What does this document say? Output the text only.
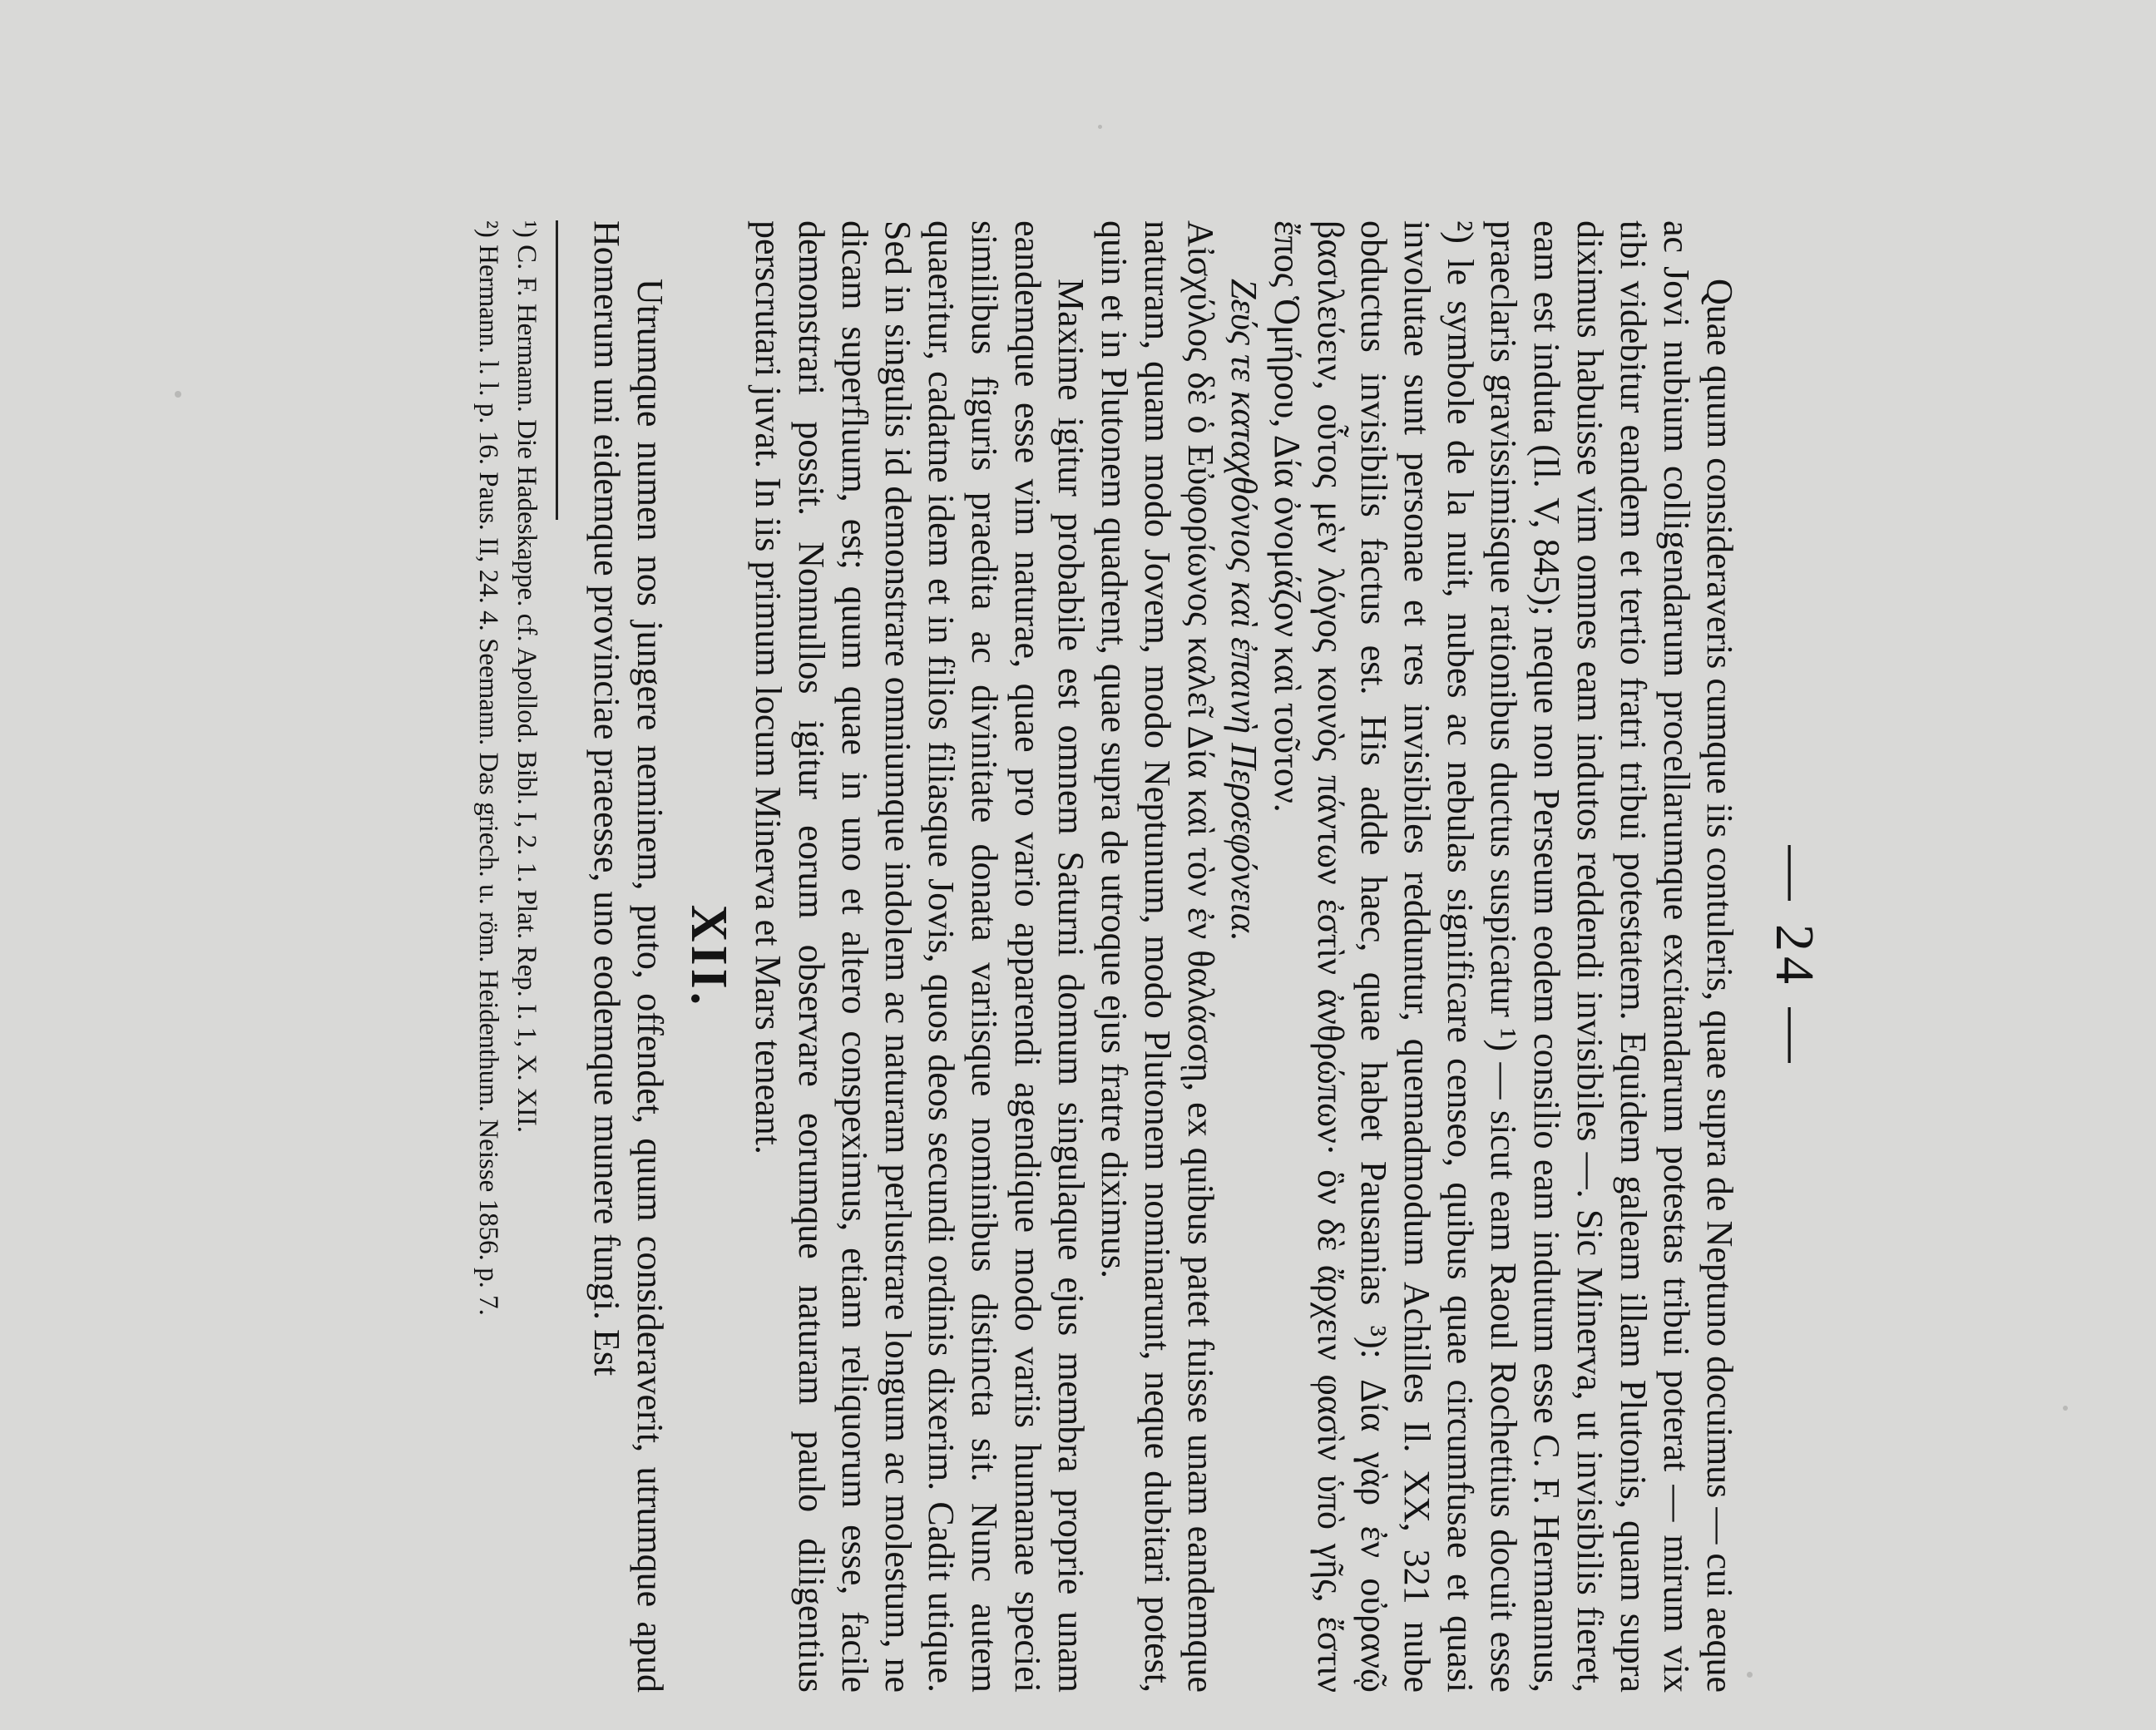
— 24 —

Quae quum consideraveris cumque iis contuleris, quae supra de Neptuno docuimus — cui aeque ac Jovi nubium colligendarum procellarumque excitandarum potestas tribui poterat — mirum vix tibi videbitur eandem et tertio fratri tribui potestatem. Equidem galeam illam Plutonis, quam supra diximus habuisse vim omnes eam indutos reddendi invisibiles —. Sic Minerva, ut invisibilis fieret, eam est induta (Il. V, 845); neque non Perseum eodem consilio eam indutum esse C. F. Hermannus, praeclaris gravissimisque rationibus ductus suspicatur ¹) — sicut eam Raoul Rochettius docuit esse ²) le symbole de la nuit, nubes ac nebulas significare censeo, quibus quae circumfusae et quasi involutae sunt personae et res invisibiles redduntur, quemadmodum Achilles Il. XX, 321 nube obductus invisibilis factus est. His adde haec, quae habet Pausanias ³): Δία γὰρ ἐν οὐρανῷ βασιλεύειν, οὗτος μὲν λόγος κοινὸς πάντων ἐστὶν ἀνθρώπων· ὃν δὲ ἄρχειν φασὶν ὑπὸ γῆς, ἔστιν ἔπος Ὁμήρου, Δία ὀνομάζον καὶ τοῦτον.

Ζεύς τε καταχθόνιος καὶ ἐπαινὴ Περσεφόνεια.

Αἰσχύλος δὲ ὁ Εὐφορίωνος καλεῖ Δία καὶ τὸν ἐν θαλάσσῃ, ex quibus patet fuisse unam eandemque naturam, quam modo Jovem, modo Neptunum, modo Plutonem nominarunt, neque dubitari potest, quin et in Plutonem quadrent, quae supra de utroque ejus fratre diximus.

Maxime igitur probabile est omnem Saturni domum singulaque ejus membra proprie unam eandemque esse vim naturae, quae pro vario apparendi agendique modo variis humanae speciei similibus figuris praedita ac divinitate donata variisque nominibus distincta sit. Nunc autem quaeritur, cadatne idem et in filios filiasque Jovis, quos deos secundi ordinis dixerim. Cadit utique. Sed in singulis id demonstrare omniumque indolem ac naturam perlustrare longum ac molestum, ne dicam superfluum, est; quum quae in uno et altero conspeximus, etiam reliquorum esse, facile demonstrari possit. Nonnullos igitur eorum observare eorumque naturam paulo diligentius perscrutari juvat. In iis primum locum Minerva et Mars teneant.

XII.

Utrumque numen nos jungere neminem, puto, offendet, quum consideraverit, utrumque apud Homerum uni eidemque provinciae praeesse, uno eodemque munere fungi. Est

¹) C. F. Hermann. Die Hadeskappe. cf. Apollod. Bibl. I, 2. 1. Plat. Rep. I. 1, X. XII.

²) Hermann. l. l. p. 16. Paus. II, 24. 4. Seemann. Das griech. u. röm. Heidenthum. Neisse 1856. p. 7.
